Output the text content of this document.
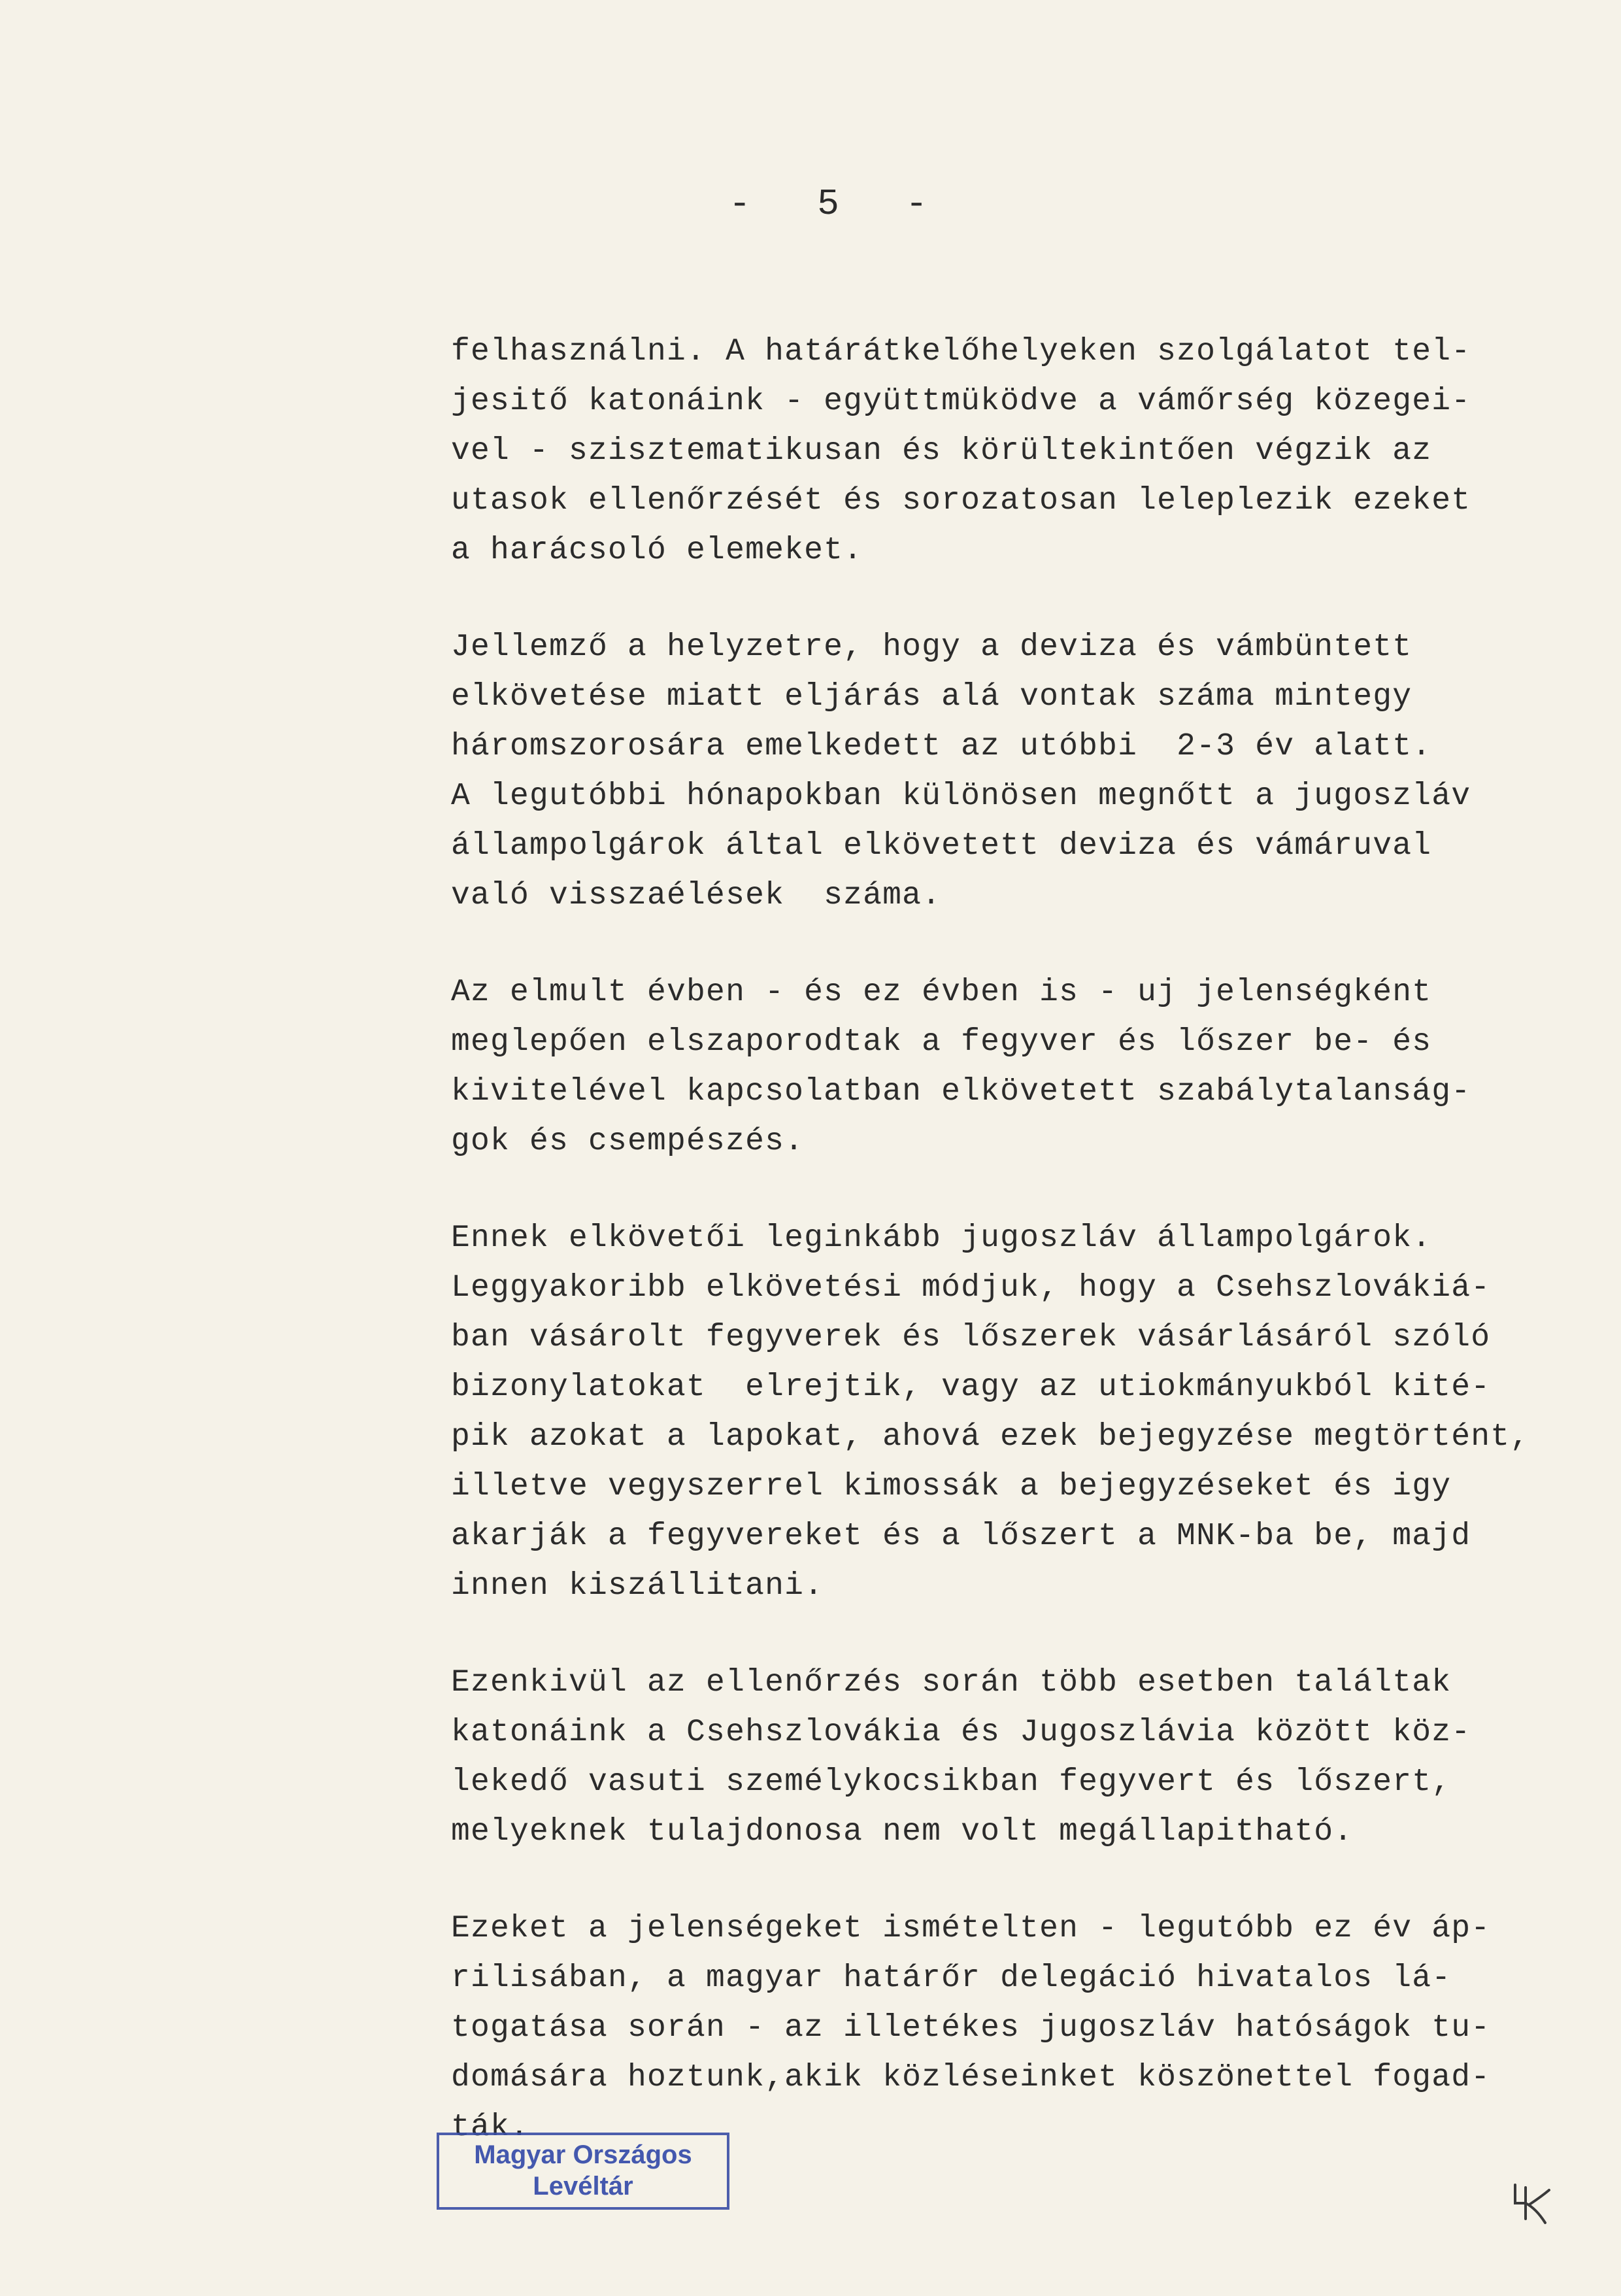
- 5 -

felhasználni. A határátkelőhelyeken szolgálatot tel-
jesitő katonáink - együttmüködve a vámőrség közegei-
vel - szisztematikusan és körültekintően végzik az
utasok ellenőrzését és sorozatosan leleplezik ezeket
a harácsoló elemeket.

Jellemző a helyzetre, hogy a deviza és vámbüntett
elkövetése miatt eljárás alá vontak száma mintegy
háromszorosára emelkedett az utóbbi  2-3 év alatt.
A legutóbbi hónapokban különösen megnőtt a jugoszláv
állampolgárok által elkövetett deviza és vámáruval
való visszaélések  száma.

Az elmult évben - és ez évben is - uj jelenségként
meglepően elszaporodtak a fegyver és lőszer be- és
kivitelével kapcsolatban elkövetett szabálytalanság-
gok és csempészés.

Ennek elkövetői leginkább jugoszláv állampolgárok.
Leggyakoribb elkövetési módjuk, hogy a Csehszlovákiá-
ban vásárolt fegyverek és lőszerek vásárlásáról szóló
bizonylatokat  elrejtik, vagy az utiokmányukból kité-
pik azokat a lapokat, ahová ezek bejegyzése megtörtént,
illetve vegyszerrel kimossák a bejegyzéseket és igy
akarják a fegyvereket és a lőszert a MNK-ba be, majd
innen kiszállitani.

Ezenkivül az ellenőrzés során több esetben találtak
katonáink a Csehszlovákia és Jugoszlávia között köz-
lekedő vasuti személykocsikban fegyvert és lőszert,
melyeknek tulajdonosa nem volt megállapitható.

Ezeket a jelenségeket ismételten - legutóbb ez év áp-
rilisában, a magyar határőr delegáció hivatalos lá-
togatása során - az illetékes jugoszláv hatóságok tu-
domására hoztunk,akik közléseinket köszönettel fogad-
ták.

Magyar Országos
Levéltár
